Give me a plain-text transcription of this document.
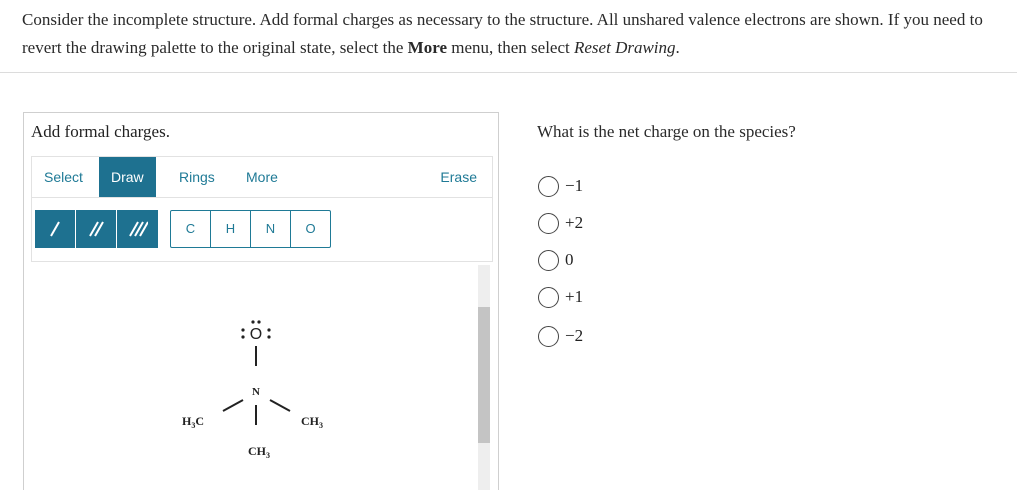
Consider the incomplete structure. Add formal charges as necessary to the structure. All unshared valence electrons are shown. If you need to revert the drawing palette to the original state, select the More menu, then select Reset Drawing.
Add formal charges.
Select	Draw	Rings	More	Erase
C	H	N	O
O
N
$H_3C$	$CH_3$
$CH_3$
What is the net charge on the species?
−1
+2
0
+1
−2
